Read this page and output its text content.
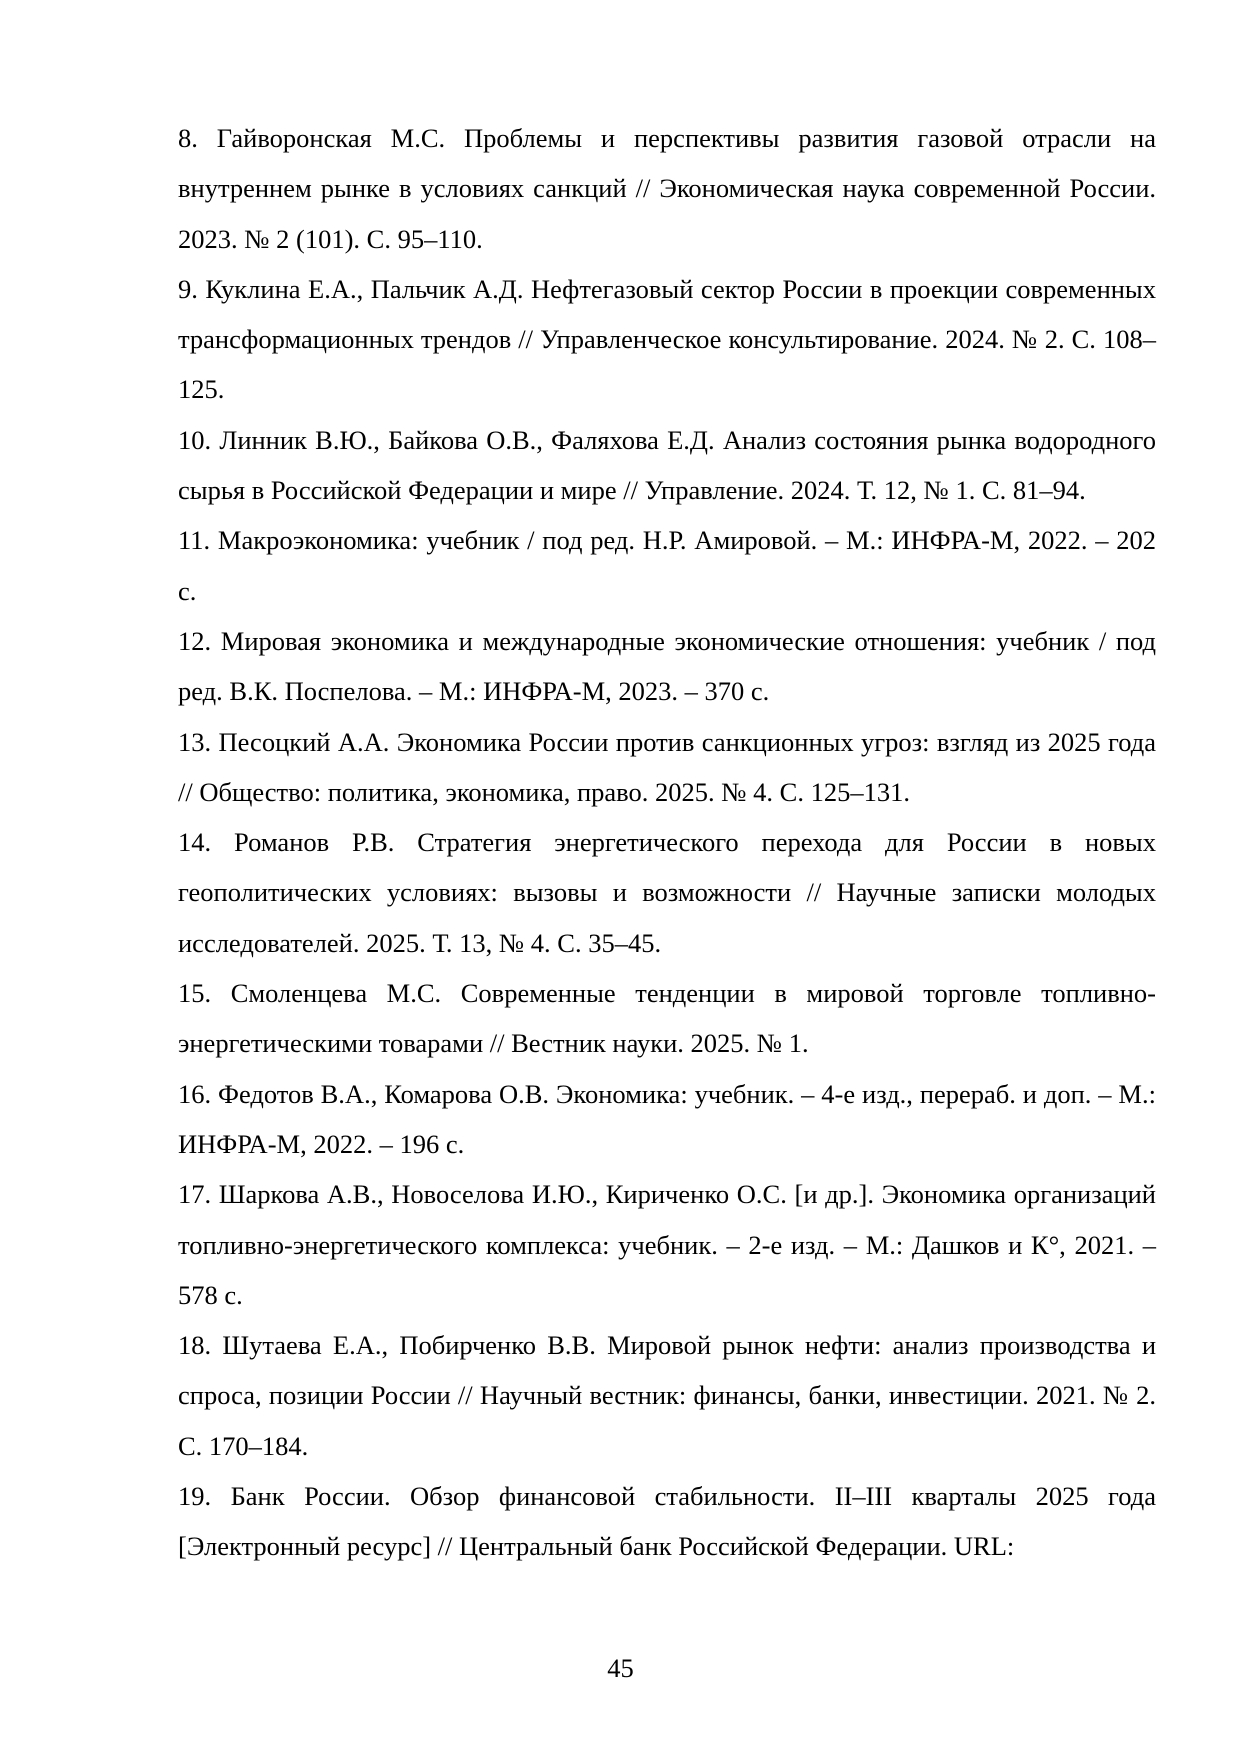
8. Гайворонская М.С. Проблемы и перспективы развития газовой отрасли на внутреннем рынке в условиях санкций // Экономическая наука современной России. 2023. № 2 (101). С. 95–110.
9. Куклина Е.А., Пальчик А.Д. Нефтегазовый сектор России в проекции современных трансформационных трендов // Управленческое консультирование. 2024. № 2. С. 108–125.
10. Линник В.Ю., Байкова О.В., Фаляхова Е.Д. Анализ состояния рынка водородного сырья в Российской Федерации и мире // Управление. 2024. Т. 12, № 1. С. 81–94.
11. Макроэкономика: учебник / под ред. Н.Р. Амировой. – М.: ИНФРА-М, 2022. – 202 с.
12. Мировая экономика и международные экономические отношения: учебник / под ред. В.К. Поспелова. – М.: ИНФРА-М, 2023. – 370 с.
13. Песоцкий А.А. Экономика России против санкционных угроз: взгляд из 2025 года // Общество: политика, экономика, право. 2025. № 4. С. 125–131.
14. Романов Р.В. Стратегия энергетического перехода для России в новых геополитических условиях: вызовы и возможности // Научные записки молодых исследователей. 2025. Т. 13, № 4. С. 35–45.
15. Смоленцева М.С. Современные тенденции в мировой торговле топливно-энергетическими товарами // Вестник науки. 2025. № 1.
16. Федотов В.А., Комарова О.В. Экономика: учебник. – 4-е изд., перераб. и доп. – М.: ИНФРА-М, 2022. – 196 с.
17. Шаркова А.В., Новоселова И.Ю., Кириченко О.С. [и др.]. Экономика организаций топливно-энергетического комплекса: учебник. – 2-е изд. – М.: Дашков и К°, 2021. – 578 с.
18. Шутаева Е.А., Побирченко В.В. Мировой рынок нефти: анализ производства и спроса, позиции России // Научный вестник: финансы, банки, инвестиции. 2021. № 2. С. 170–184.
19. Банк России. Обзор финансовой стабильности. II–III кварталы 2025 года [Электронный ресурс] // Центральный банк Российской Федерации. URL:
45
